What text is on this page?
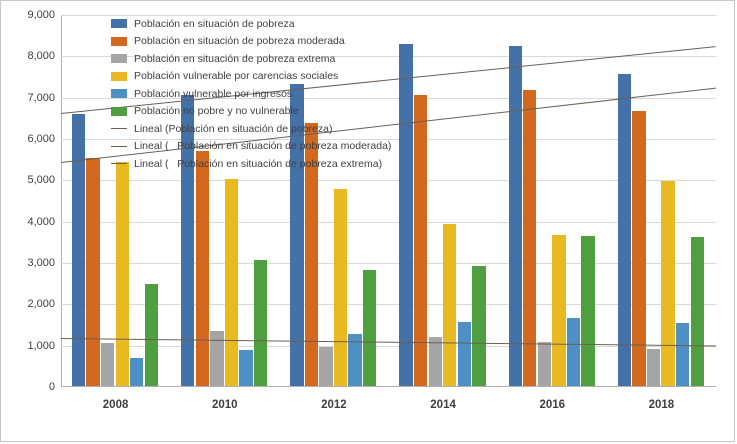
0
1,000
2,000
3,000
4,000
5,000
6,000
7,000
8,000
9,000
2008	2010	2012	2014	2016	2018
Población en situación de pobreza
Población en situación de pobreza moderada
Población en situación de pobreza extrema
Población vulnerable por carencias sociales
Población vulnerable por ingresos
Población no pobre y no vulnerable
Lineal (Población en situación de pobreza)
Lineal (   Población en situación de pobreza moderada)
Lineal (   Población en situación de pobreza extrema)
